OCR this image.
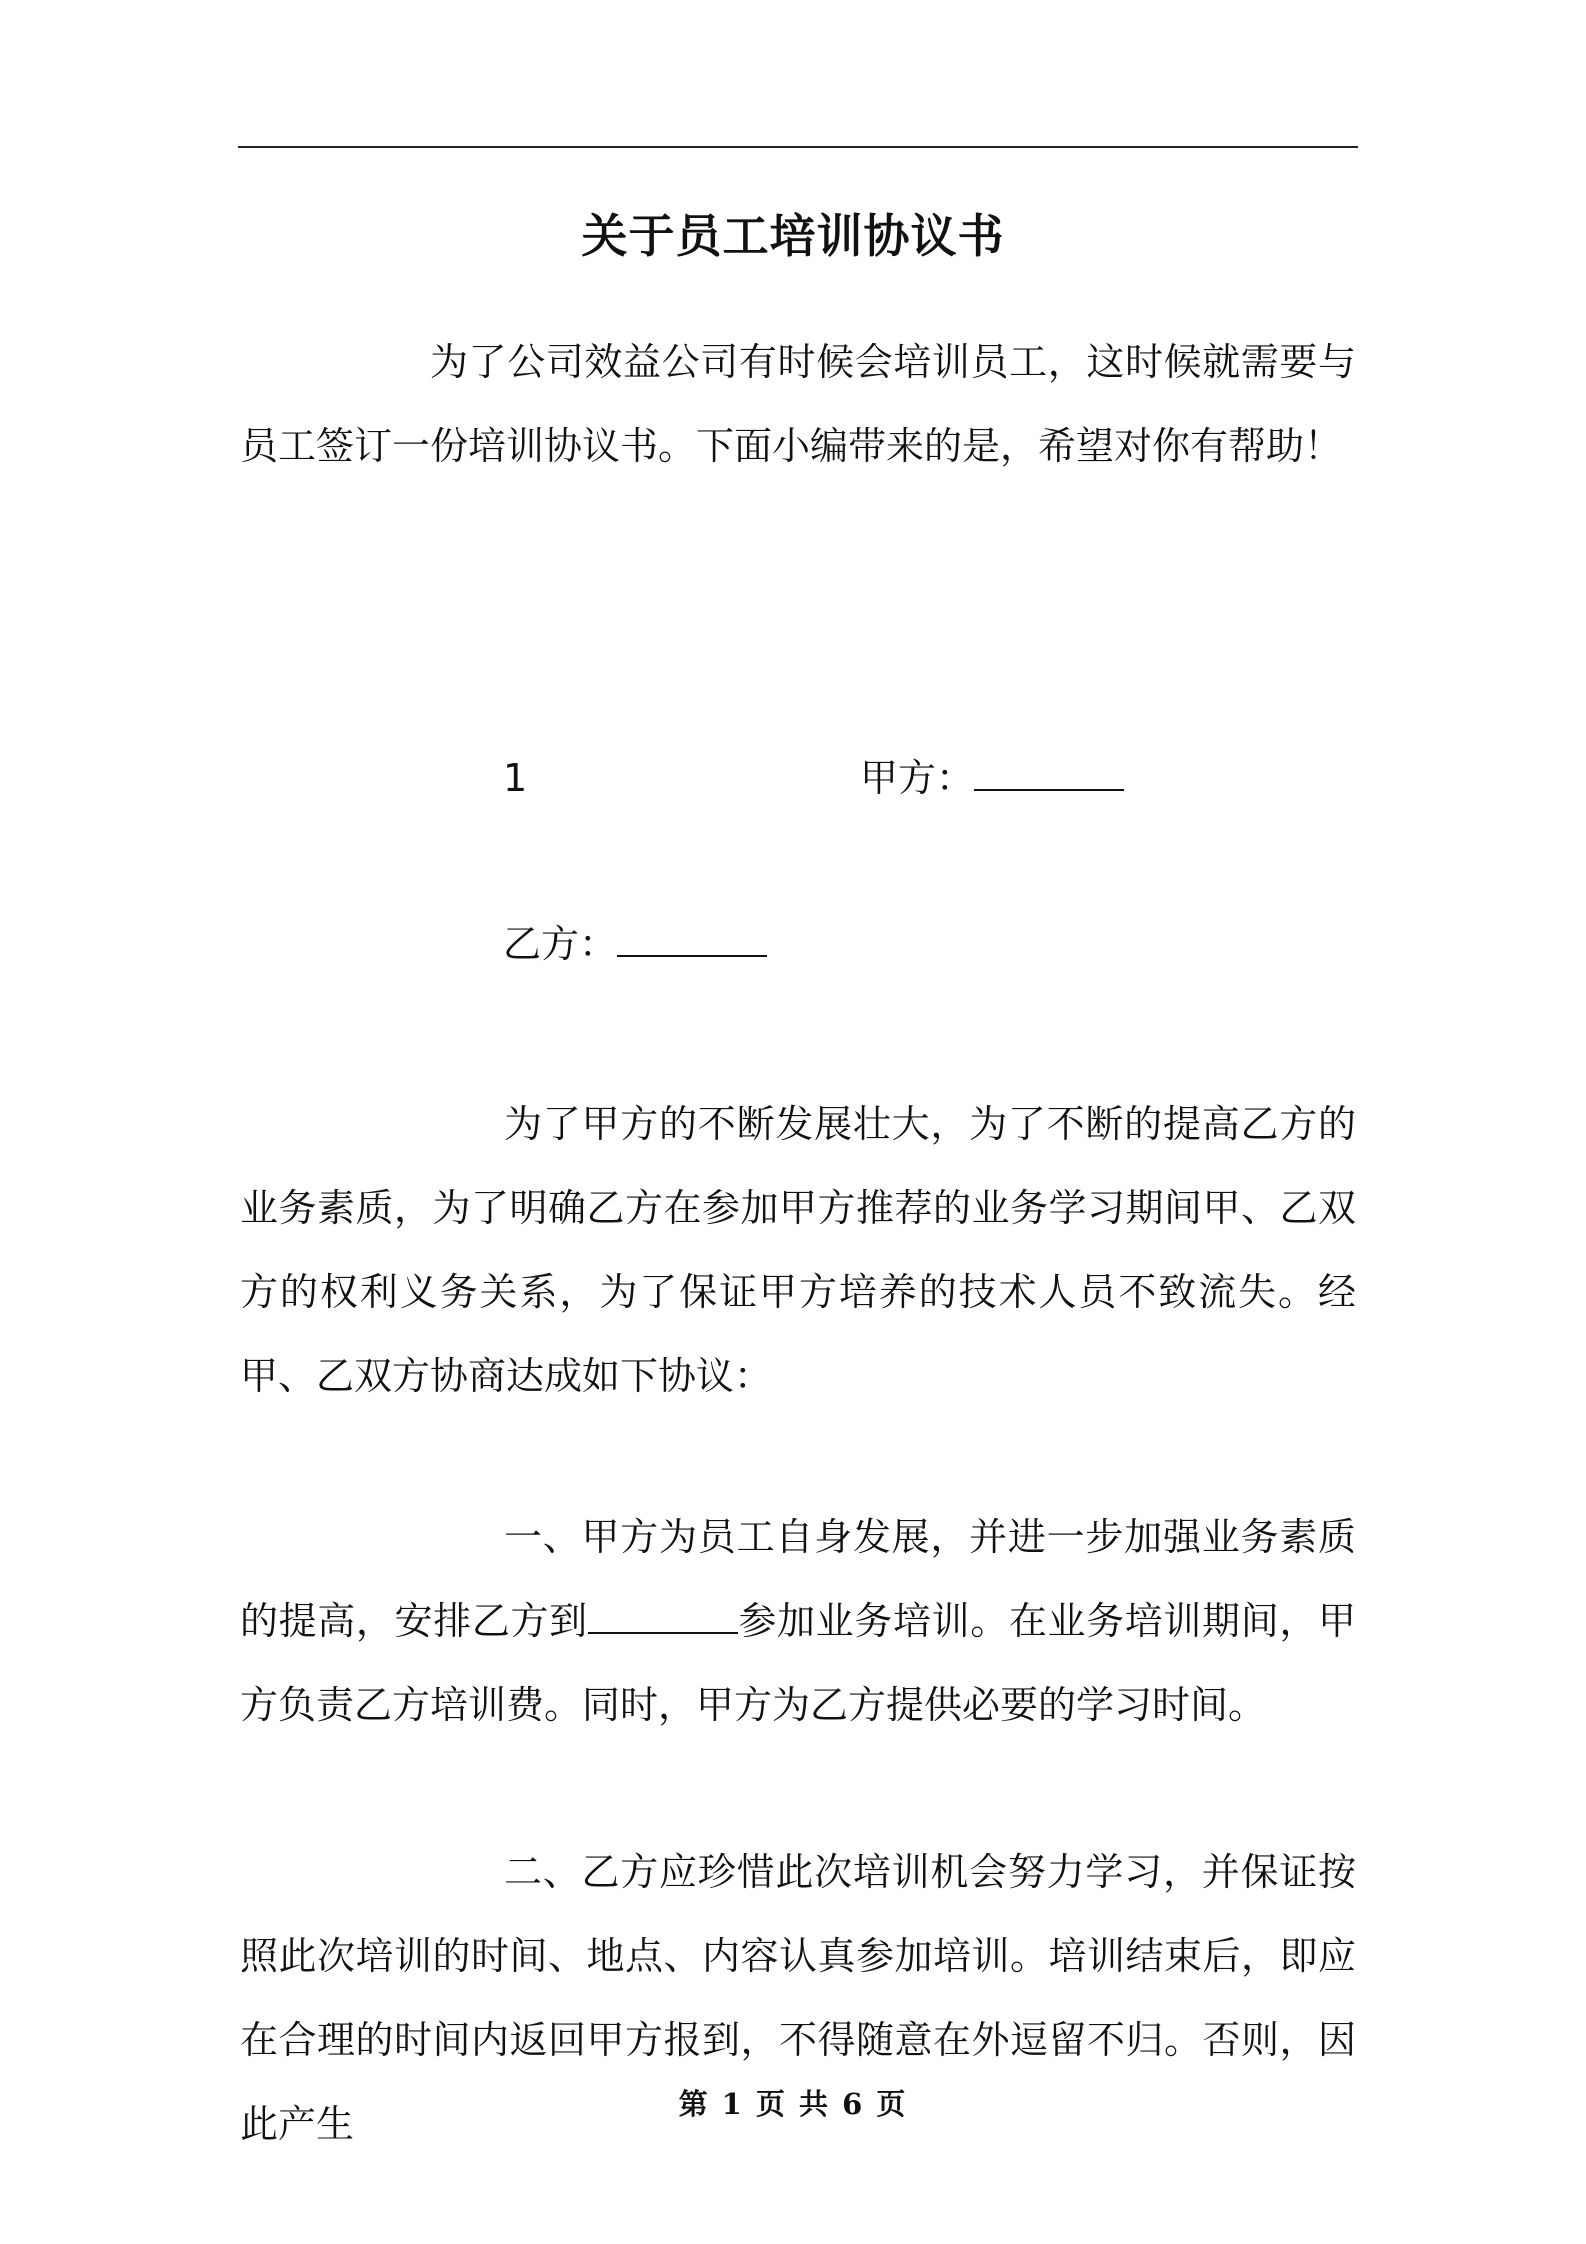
关于员工培训协议书
为了公司效益公司有时候会培训员工，这时候就需要与员工签订一份培训协议书。下面小编带来的是，希望对你有帮助！
1	甲方：
乙方：
为了甲方的不断发展壮大，为了不断的提高乙方的业务素质，为了明确乙方在参加甲方推荐的业务学习期间甲、乙双方的权利义务关系，为了保证甲方培养的技术人员不致流失。经甲、乙双方协商达成如下协议：
一、甲方为员工自身发展，并进一步加强业务素质的提高，安排乙方到	参加业务培训。在业务培训期间，甲方负责乙方培训费。同时，甲方为乙方提供必要的学习时间。
二、乙方应珍惜此次培训机会努力学习，并保证按照此次培训的时间、地点、内容认真参加培训。培训结束后，即应在合理的时间内返回甲方报到，不得随意在外逗留不归。否则，因此产生	第 1 页 共 6 页
